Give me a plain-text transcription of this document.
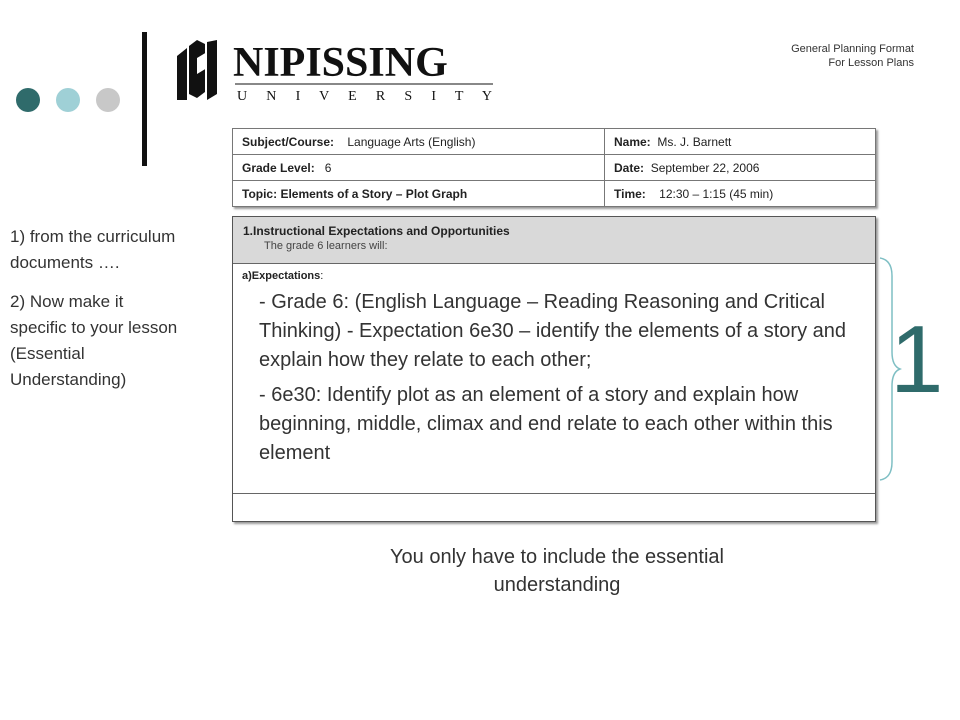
NIPISSING
U N I V E R S I T Y
General Planning Format
For Lesson Plans

1) from the curriculum documents ….

2) Now make it specific to your lesson (Essential Understanding)

Subject/Course: Language Arts (English)	Name: Ms. J. Barnett
Grade Level: 6	Date: September 22, 2006
Topic: Elements of a Story – Plot Graph	Time: 12:30 – 1:15 (45 min)
1.Instructional Expectations and Opportunities
The grade 6 learners will:
a)Expectations:

- Grade 6: (English Language – Reading Reasoning and Critical Thinking) - Expectation 6e30 – identify the elements of a story and explain how they relate to each other;

- 6e30: Identify plot as an element of a story and explain how beginning, middle, climax and end relate to each other within this element

1
You only have to include the essential understanding
